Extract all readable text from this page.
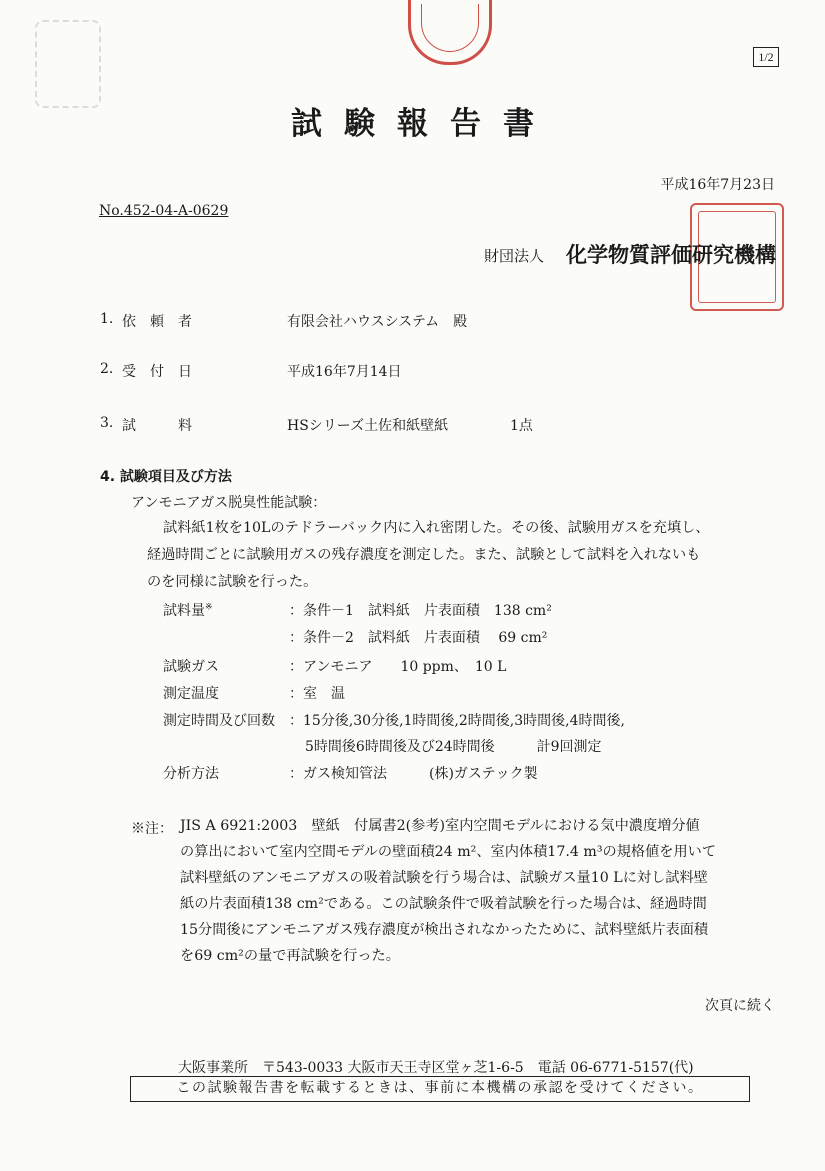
1/2
試験報告書
平成16年7月23日
No.452-04-A-0629
財団法人 化学物質評価研究機構
1. 依　頼　者	有限会社ハウスシステム　殿
2. 受　付　日	平成16年7月14日
3. 試　　　料	HSシリーズ土佐和紙壁紙	1点
4. 試験項目及び方法
アンモニアガス脱臭性能試験：
試料紙1枚を10Lのテドラーバック内に入れ密閉した。その後、試験用ガスを充填し、
経過時間ごとに試験用ガスの残存濃度を測定した。また、試験として試料を入れないも
のを同様に試験を行った。
試料量※	：条件－1　試料紙　片表面積　138 cm²
：条件－2　試料紙　片表面積　 69 cm²
試験ガス	：アンモニア　　10 ppm、　10 L
測定温度	：室　温
測定時間及び回数 ：15分後,30分後,1時間後,2時間後,3時間後,4時間後,
5時間後6時間後及び24時間後　　　計9回測定
分析方法	：ガス検知管法　　　(株)ガステック製
※注： JIS A 6921:2003　壁紙　付属書2(参考)室内空間モデルにおける気中濃度増分値
の算出において室内空間モデルの壁面積24 m²、室内体積17.4 m³の規格値を用いて
試料壁紙のアンモニアガスの吸着試験を行う場合は、試験ガス量10 Lに対し試料壁
紙の片表面積138 cm²である。この試験条件で吸着試験を行った場合は、経過時間
15分間後にアンモニアガス残存濃度が検出されなかったために、試料壁紙片表面積
を69 cm²の量で再試験を行った。
次頁に続く
大阪事業所　〒543-0033 大阪市天王寺区堂ヶ芝1-6-5　電話 06-6771-5157(代)
この試験報告書を転載するときは、事前に本機構の承認を受けてください。
